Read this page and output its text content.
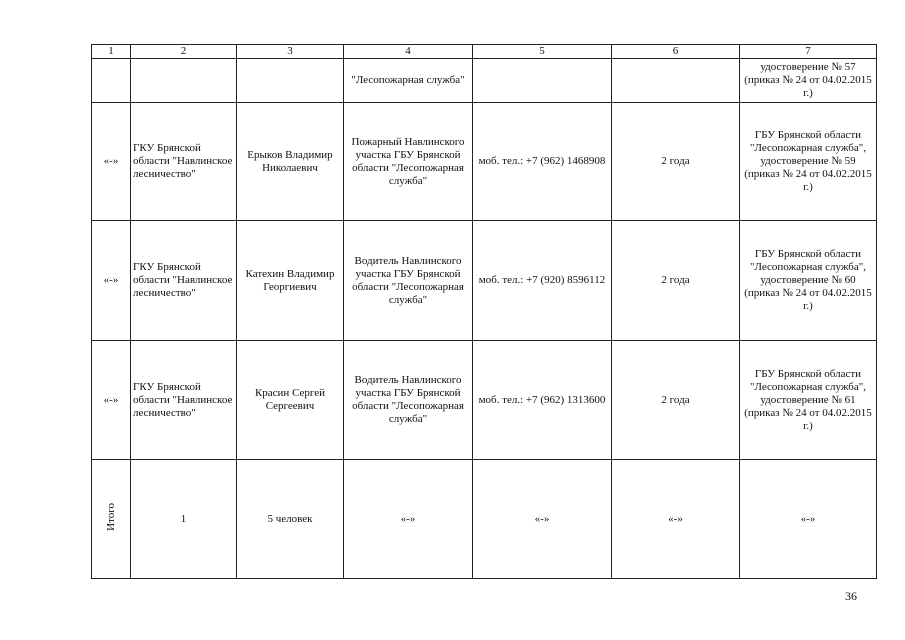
1	2	3	4	5	6	7
			"Лесопожарная служба"			удостоверение № 57 (приказ № 24 от 04.02.2015 г.)
«-»	ГКУ Брянской области "Навлинское лесничество"	Ерыков Владимир Николаевич	Пожарный Навлинского участка ГБУ Брянской области "Лесопожарная служба"	моб. тел.: +7 (962) 1468908	2 года	ГБУ Брянской области "Лесопожарная служба", удостоверение № 59 (приказ № 24 от 04.02.2015 г.)
«-»	ГКУ Брянской области "Навлинское лесничество"	Катехин Владимир Георгиевич	Водитель Навлинского участка ГБУ Брянской области "Лесопожарная служба"	моб. тел.: +7 (920) 8596112	2 года	ГБУ Брянской области "Лесопожарная служба", удостоверение № 60 (приказ № 24 от 04.02.2015 г.)
«-»	ГКУ Брянской области "Навлинское лесничество"	Красин Сергей Сергеевич	Водитель Навлинского участка ГБУ Брянской области "Лесопожарная служба"	моб. тел.: +7 (962) 1313600	2 года	ГБУ Брянской области "Лесопожарная служба", удостоверение № 61 (приказ № 24 от 04.02.2015 г.)
Итого	1	5 человек	«-»	«-»	«-»	«-»
36
